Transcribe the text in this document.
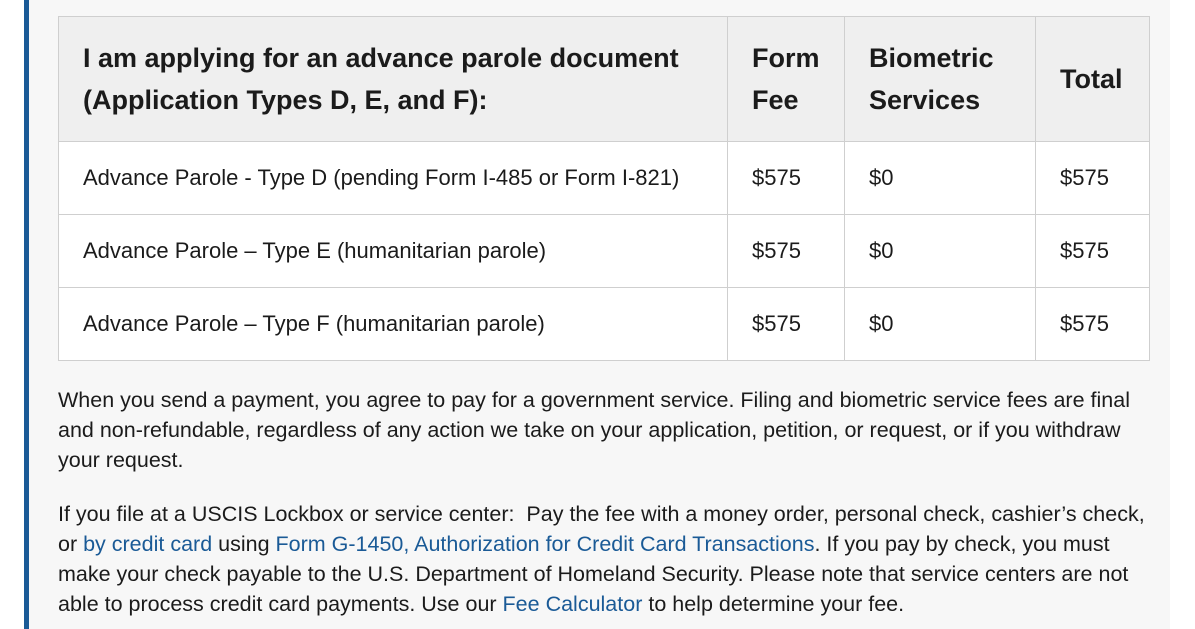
I am applying for an advance parole document (Application Types D, E, and F):	Form Fee	Biometric Services	Total
Advance Parole - Type D (pending Form I-485 or Form I-821)	$575	$0	$575
Advance Parole – Type E (humanitarian parole)	$575	$0	$575
Advance Parole – Type F (humanitarian parole)	$575	$0	$575

When you send a payment, you agree to pay for a government service. Filing and biometric service fees are final and non-refundable, regardless of any action we take on your application, petition, or request, or if you withdraw your request.

If you file at a USCIS Lockbox or service center:  Pay the fee with a money order, personal check, cashier’s check, or by credit card using Form G-1450, Authorization for Credit Card Transactions. If you pay by check, you must make your check payable to the U.S. Department of Homeland Security. Please note that service centers are not able to process credit card payments. Use our Fee Calculator to help determine your fee.
